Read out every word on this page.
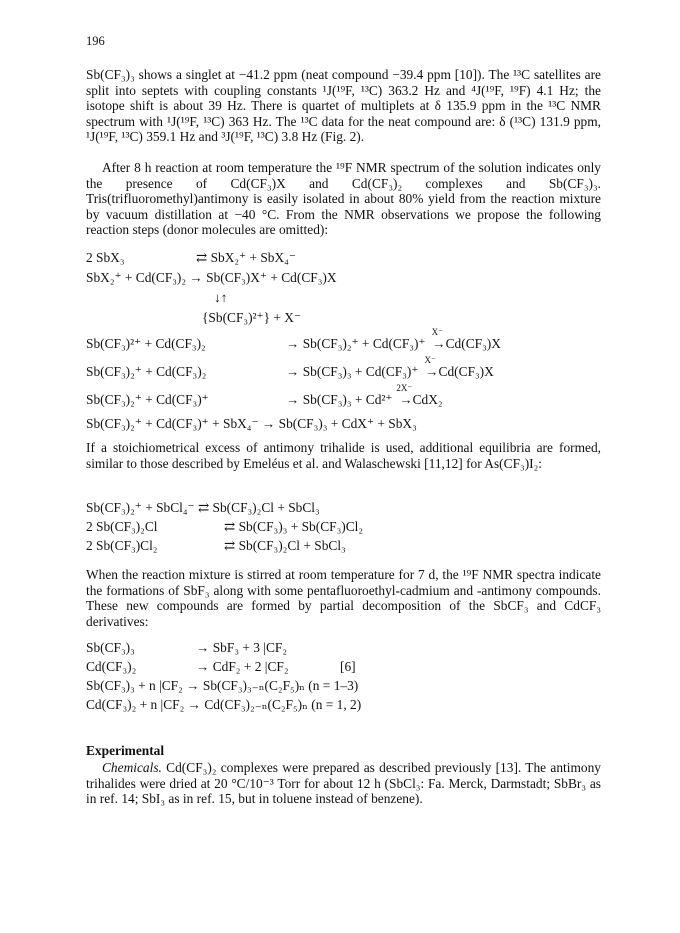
196
Sb(CF₃)₃ shows a singlet at −41.2 ppm (neat compound −39.4 ppm [10]). The ¹³C satellites are split into septets with coupling constants ¹J(¹⁹F, ¹³C) 363.2 Hz and ⁴J(¹⁹F, ¹⁹F) 4.1 Hz; the isotope shift is about 39 Hz. There is quartet of multiplets at δ 135.9 ppm in the ¹³C NMR spectrum with ¹J(¹⁹F, ¹³C) 363 Hz. The ¹³C data for the neat compound are: δ (¹³C) 131.9 ppm, ¹J(¹⁹F, ¹³C) 359.1 Hz and ³J(¹⁹F, ¹³C) 3.8 Hz (Fig. 2).
After 8 h reaction at room temperature the ¹⁹F NMR spectrum of the solution indicates only the presence of Cd(CF₃)X and Cd(CF₃)₂ complexes and Sb(CF₃)₃. Tris(trifluoromethyl)antimony is easily isolated in about 80% yield from the reaction mixture by vacuum distillation at −40 °C. From the NMR observations we propose the following reaction steps (donor molecules are omitted):
2 SbX₃	⇄ SbX₂⁺ + SbX₄⁻
SbX₂⁺ + Cd(CF₃)₂ → Sb(CF₃)X⁺ + Cd(CF₃)X
↓↑
{Sb(CF₃)²⁺} + X⁻
Sb(CF₃)²⁺ + Cd(CF₃)₂	→ Sb(CF₃)₂⁺ + Cd(CF₃)⁺
X⁻
→Cd(CF₃)X
Sb(CF₃)₂⁺ + Cd(CF₃)₂	→ Sb(CF₃)₃ + Cd(CF₃)⁺
X⁻
→Cd(CF₃)X
Sb(CF₃)₂⁺ + Cd(CF₃)⁺	→ Sb(CF₃)₃ + Cd²⁺
2X⁻
→CdX₂
Sb(CF₃)₂⁺ + Cd(CF₃)⁺ + SbX₄⁻ → Sb(CF₃)₃ + CdX⁺ + SbX₃
If a stoichiometrical excess of antimony trihalide is used, additional equilibria are formed, similar to those described by Emeléus et al. and Walaschewski [11,12] for As(CF₃)I₂:
Sb(CF₃)₂⁺ + SbCl₄⁻ ⇄ Sb(CF₃)₂Cl + SbCl₃
2 Sb(CF₃)₂Cl	⇄ Sb(CF₃)₃ + Sb(CF₃)Cl₂
2 Sb(CF₃)Cl₂	⇄ Sb(CF₃)₂Cl + SbCl₃
When the reaction mixture is stirred at room temperature for 7 d, the ¹⁹F NMR spectra indicate the formations of SbF₃ along with some pentafluoroethyl-cadmium and -antimony compounds. These new compounds are formed by partial decomposition of the SbCF₃ and CdCF₃ derivatives:
Sb(CF₃)₃	→ SbF₃ + 3 |CF₂
Cd(CF₃)₂	→ CdF₂ + 2 |CF₂	[6]
Sb(CF₃)₃ + n |CF₂ → Sb(CF₃)₃₋ₙ(C₂F₅)ₙ (n = 1–3)
Cd(CF₃)₂ + n |CF₂ → Cd(CF₃)₂₋ₙ(C₂F₅)ₙ (n = 1, 2)
Experimental
Chemicals. Cd(CF₃)₂ complexes were prepared as described previously [13]. The antimony trihalides were dried at 20 °C/10⁻³ Torr for about 12 h (SbCl₃: Fa. Merck, Darmstadt; SbBr₃ as in ref. 14; SbI₃ as in ref. 15, but in toluene instead of benzene).
